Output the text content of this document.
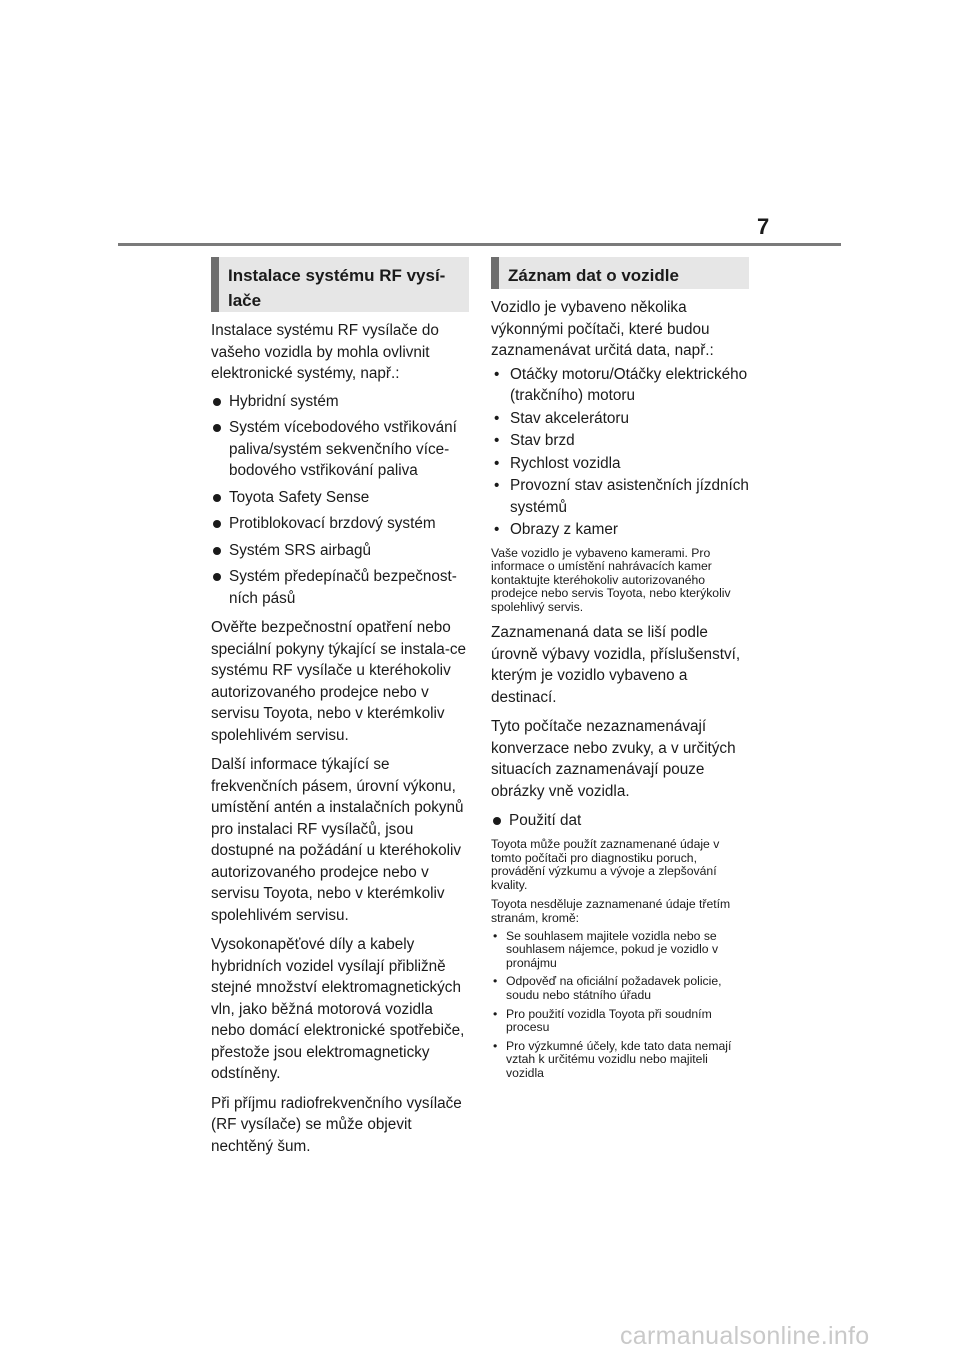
7
Instalace systému RF vysí-
lače

Instalace systému RF vysílače do vašeho vozidla by mohla ovlivnit elektronické systémy, např.:

Hybridní systém
Systém vícebodového vstřikování paliva/systém sekvenčního více-bodového vstřikování paliva
Toyota Safety Sense
Protiblokovací brzdový systém
Systém SRS airbagů
Systém předepínačů bezpečnost-ních pásů

Ověřte bezpečnostní opatření nebo speciální pokyny týkající se instala-ce systému RF vysílače u kteréhokoliv autorizovaného prodejce nebo v servisu Toyota, nebo v kterémkoliv spolehlivém servisu.

Další informace týkající se frekvenčních pásem, úrovní výkonu, umístění antén a instalačních pokynů pro instalaci RF vysílačů, jsou dostupné na požádání u kteréhokoliv autorizovaného prodejce nebo v servisu Toyota, nebo v kterémkoliv spolehlivém servisu.

Vysokonapěťové díly a kabely hybridních vozidel vysílají přibližně stejné množství elektromagnetických vln, jako běžná motorová vozidla nebo domácí elektronické spotřebiče, přestože jsou elektromagneticky odstíněny.

Při příjmu radiofrekvenčního vysílače (RF vysílače) se může objevit nechtěný šum.

Záznam dat o vozidle

Vozidlo je vybaveno několika výkonnými počítači, které budou zaznamenávat určitá data, např.:

• Otáčky motoru/Otáčky elektrického (trakčního) motoru
• Stav akcelerátoru
• Stav brzd
• Rychlost vozidla
• Provozní stav asistenčních jízdních systémů
• Obrazy z kamer

Vaše vozidlo je vybaveno kamerami. Pro informace o umístění nahrávacích kamer kontaktujte kteréhokoliv autorizovaného prodejce nebo servis Toyota, nebo kterýkoliv spolehlivý servis.

Zaznamenaná data se liší podle úrovně výbavy vozidla, příslušenství, kterým je vozidlo vybaveno a destinací.

Tyto počítače nezaznamenávají konverzace nebo zvuky, a v určitých situacích zaznamenávají pouze obrázky vně vozidla.

Použití dat

Toyota může použít zaznamenané údaje v tomto počítači pro diagnostiku poruch, provádění výzkumu a vývoje a zlepšování kvality.

Toyota nesděluje zaznamenané údaje třetím stranám, kromě:

• Se souhlasem majitele vozidla nebo se souhlasem nájemce, pokud je vozidlo v pronájmu
• Odpověď na oficiální požadavek policie, soudu nebo státního úřadu
• Pro použití vozidla Toyota při soudním procesu
• Pro výzkumné účely, kde tato data nemají vztah k určitému vozidlu nebo majiteli vozidla
carmanualsonline.info
